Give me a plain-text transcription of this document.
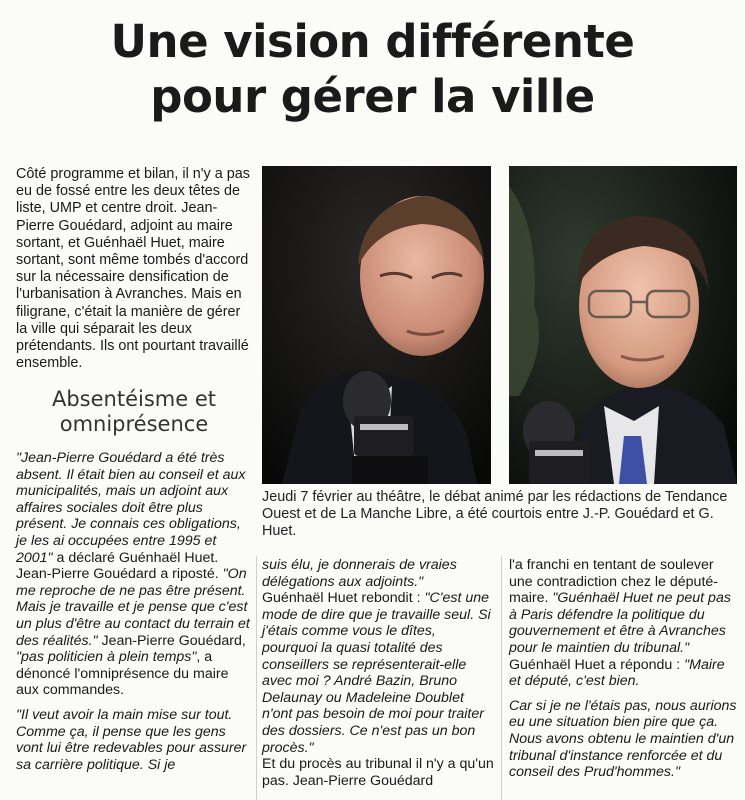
Une vision différente
pour gérer la ville
Côté programme et bilan, il n'y a pas eu de fossé entre les deux têtes de liste, UMP et centre droit. Jean-Pierre Gouédard, adjoint au maire sortant, et Guénhaël Huet, maire sortant, sont même tombés d'accord sur la nécessaire densification de l'urbanisation à Avranches. Mais en filigrane, c'était la manière de gérer la ville qui séparait les deux prétendants. Ils ont pourtant travaillé ensemble.
Absentéisme et
omniprésence
Jeudi 7 février au théâtre, le débat animé par les rédactions de Tendance Ouest et de La Manche Libre, a été courtois entre J.-P. Gouédard et G. Huet.

"Jean-Pierre Gouédard a été très absent. Il était bien au conseil et aux municipalités, mais un adjoint aux affaires sociales doit être plus présent. Je connais ces obligations, je les ai occupées entre 1995 et 2001" a déclaré Guénhaël Huet. Jean-Pierre Gouédard a riposté. "On me reproche de ne pas être présent. Mais je travaille et je pense que c'est un plus d'être au contact du terrain et des réalités." Jean-Pierre Gouédard, "pas politicien à plein temps", a dénoncé l'omniprésence du maire aux commandes.

"Il veut avoir la main mise sur tout. Comme ça, il pense que les gens vont lui être redevables pour assurer sa carrière politique. Si je

suis élu, je donnerais de vraies délégations aux adjoints."

Guénhaël Huet rebondit : "C'est une mode de dire que je travaille seul. Si j'étais comme vous le dîtes, pourquoi la quasi totalité des conseillers se représenterait-elle avec moi ? André Bazin, Bruno Delaunay ou Madeleine Doublet n'ont pas besoin de moi pour traiter des dossiers. Ce n'est pas un bon procès."

Et du procès au tribunal il n'y a qu'un pas. Jean-Pierre Gouédard

l'a franchi en tentant de soulever une contradiction chez le député-maire. "Guénhaël Huet ne peut pas à Paris défendre la politique du gouvernement et être à Avranches pour le maintien du tribunal." Guénhaël Huet a répondu : "Maire et député, c'est bien.

Car si je ne l'étais pas, nous aurions eu une situation bien pire que ça. Nous avons obtenu le maintien d'un tribunal d'instance renforcée et du conseil des Prud'hommes."
